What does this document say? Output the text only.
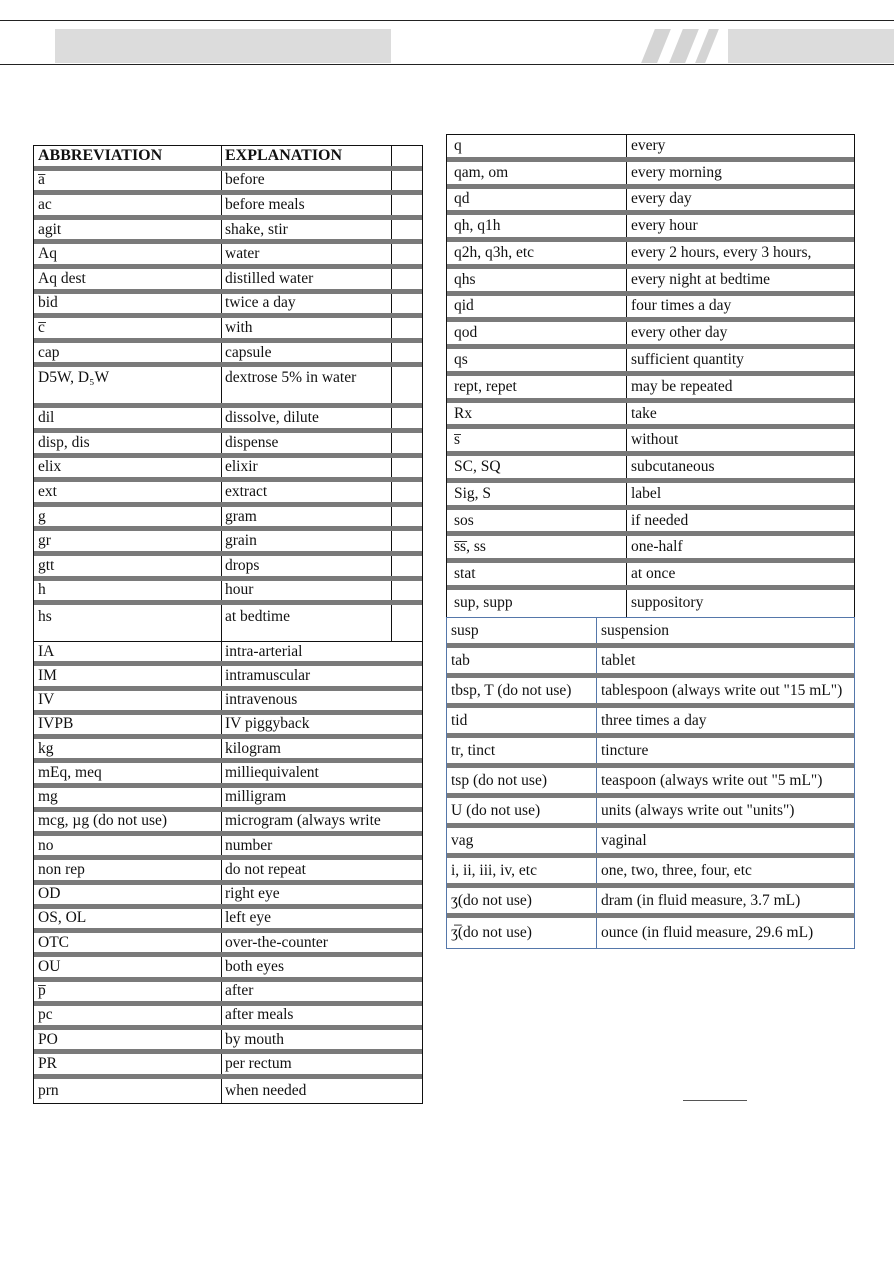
ABBREVIATION	EXPLANATION
a̅	before
ac	before meals
agit	shake, stir
Aq	water
Aq dest	distilled water
bid	twice a day
c̅	with
cap	capsule
D5W, D₅W	dextrose 5% in water
dil	dissolve, dilute
disp, dis	dispense
elix	elixir
ext	extract
g	gram
gr	grain
gtt	drops
h	hour
hs	at bedtime
IA	intra-arterial
IM	intramuscular
IV	intravenous
IVPB	IV piggyback
kg	kilogram
mEq, meq	milliequivalent
mg	milligram
mcg, µg (do not use)	microgram (always write
no	number
non rep	do not repeat
OD	right eye
OS, OL	left eye
OTC	over-the-counter
OU	both eyes
p̅	after
pc	after meals
PO	by mouth
PR	per rectum
prn	when needed
q	every
qam, om	every morning
qd	every day
qh, q1h	every hour
q2h, q3h, etc	every 2 hours, every 3 hours,
qhs	every night at bedtime
qid	four times a day
qod	every other day
qs	sufficient quantity
rept, repet	may be repeated
Rx	take
s̅	without
SC, SQ	subcutaneous
Sig, S	label
sos	if needed
s̅s̅, ss	one-half
stat	at once
sup, supp	suppository
susp	suspension
tab	tablet
tbsp, T (do not use)	tablespoon (always write out "15 mL")
tid	three times a day
tr, tinct	tincture
tsp (do not use)	teaspoon (always write out "5 mL")
U (do not use)	units (always write out "units")
vag	vaginal
i, ii, iii, iv, etc	one, two, three, four, etc
ʒ(do not use)	dram (in fluid measure, 3.7 mL)
ʒ̅(do not use)	ounce (in fluid measure, 29.6 mL)
